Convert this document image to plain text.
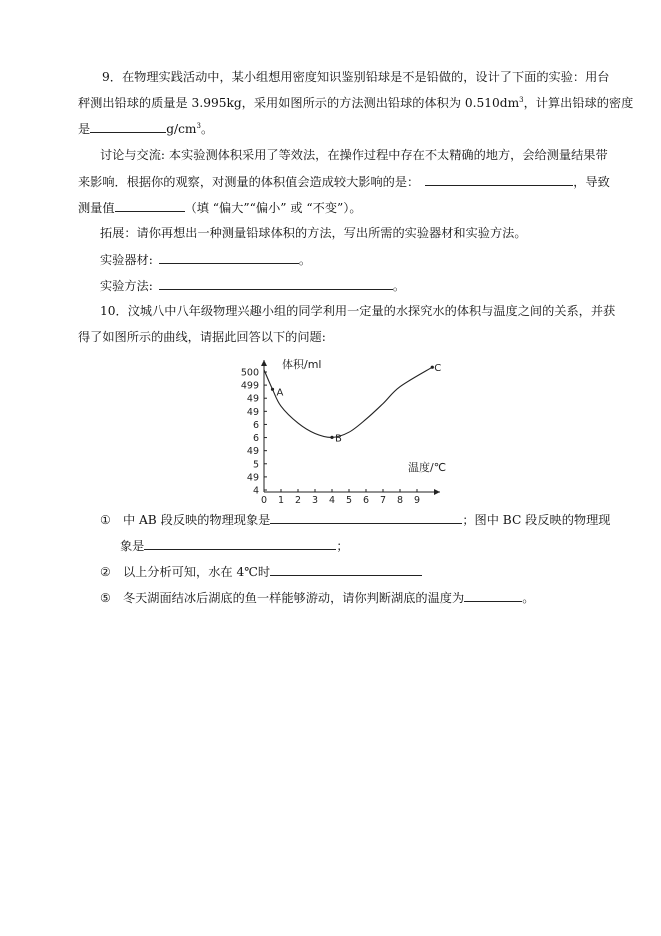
9．在物理实践活动中，某小组想用密度知识鉴别铅球是不是铅做的，设计了下面的实验：用台
秤测出铅球的质量是 3.995kg，采用如图所示的方法测出铅球的体积为 $0.510dm^3$，计算出铅球的密度
是	$g/cm^3$。
讨论与交流: 本实验测体积采用了等效法，在操作过程中存在不太精确的地方，会给测量结果带
来影响．根据你的观察，对测量的体积值会造成较大影响的是：	，导致
测量值	（填 “偏大”“偏小” 或 “不变”）。
拓展：请你再想出一种测量铅球体积的方法，写出所需的实验器材和实验方法。
实验器材:	。
实验方法:	。
10．汶城八中八年级物理兴趣小组的同学利用一定量的水探究水的体积与温度之间的关系，并获
得了如图所示的曲线，请据此回答以下的问题:
500
499
49
49
6
6
49
5
49
4
0 1 2 3 4 5 6 7 8 9
A
B
C
体积/ml
温度/℃
① 中 AB 段反映的物理现象是	；图中 BC 段反映的物理现
象是	；
② 以上分析可知，水在 4℃时
⑤ 冬天湖面结冰后湖底的鱼一样能够游动，请你判断湖底的温度为	。
